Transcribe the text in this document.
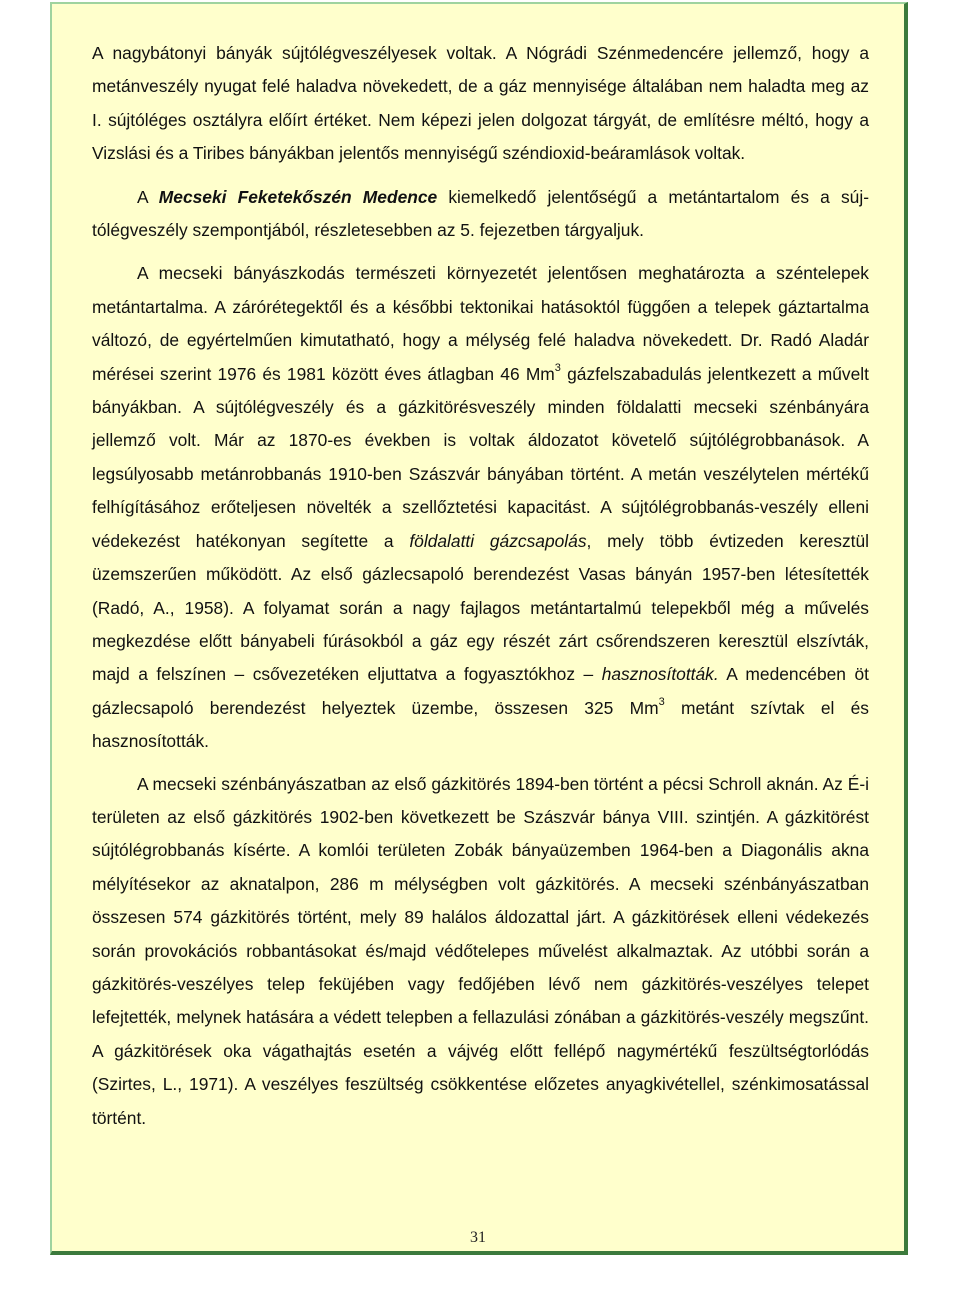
A nagybátonyi bányák sújtólégveszélyesek voltak. A Nógrádi Szénmedencére jellemző, hogy a metánveszély nyugat felé haladva növekedett, de a gáz mennyisége általában nem haladta meg az I. sújtóléges osztályra előírt értéket. Nem képezi jelen dolgozat tárgyát, de említésre méltó, hogy a Vizslási és a Tiribes bányákban jelentős mennyiségű széndioxid-beáramlások voltak.

A Mecseki Feketekőszén Medence kiemelkedő jelentőségű a metántartalom és a sújtólégveszély szempontjából, részletesebben az 5. fejezetben tárgyaljuk.

A mecseki bányászkodás természeti környezetét jelentősen meghatározta a széntelepek metántartalma. A zárórétegektől és a későbbi tektonikai hatásoktól függően a telepek gáztartalma változó, de egyértelműen kimutatható, hogy a mélység felé haladva növekedett. Dr. Radó Aladár mérései szerint 1976 és 1981 között éves átlagban 46 Mm$^3$ gázfelszabadulás jelentkezett a művelt bányákban. A sújtólégveszély és a gázkitörésveszély minden földalatti mecseki szénbányára jellemző volt. Már az 1870-es években is voltak áldozatot követelő sújtólégrobbanások. A legsúlyosabb metánrobbanás 1910-ben Szászvár bányában történt. A metán veszélytelen mértékű felhígításához erőteljesen növelték a szellőztetési kapacitást. A sújtólégrobbanás-veszély elleni védekezést hatékonyan segítette a földalatti gázcsapolás, mely több évtizeden keresztül üzemszerűen működött. Az első gázlecsapoló berendezést Vasas bányán 1957-ben létesítették (Radó, A., 1958). A folyamat során a nagy fajlagos metántartalmú telepekből még a művelés megkezdése előtt bányabeli fúrásokból a gáz egy részét zárt csőrendszeren keresztül elszívták, majd a felszínen – csővezetéken eljuttatva a fogyasztókhoz – hasznosították. A medencében öt gázlecsapoló berendezést helyeztek üzembe, összesen 325 Mm$^3$ metánt szívtak el és hasznosították.

A mecseki szénbányászatban az első gázkitörés 1894-ben történt a pécsi Schroll aknán. Az É-i területen az első gázkitörés 1902-ben következett be Szászvár bánya VIII. szintjén. A gázkitörést sújtólégrobbanás kísérte. A komlói területen Zobák bányaüzemben 1964-ben a Diagonális akna mélyítésekor az aknatalpon, 286 m mélységben volt gázkitörés. A mecseki szénbányászatban összesen 574 gázkitörés történt, mely 89 halálos áldozattal járt. A gázkitörések elleni védekezés során provokációs robbantásokat és/majd védőtelepes művelést alkalmaztak. Az utóbbi során a gázkitörés-veszélyes telep feküjében vagy fedőjében lévő nem gázkitörés-veszélyes telepet lefejtették, melynek hatására a védett telepben a fellazulási zónában a gázkitörés-veszély megszűnt. A gázkitörések oka vágathajtás esetén a vájvég előtt fellépő nagymértékű feszültségtorlódás (Szirtes, L., 1971). A veszélyes feszültség csökkentése előzetes anyagkivétellel, szénkimosatással történt.

31
